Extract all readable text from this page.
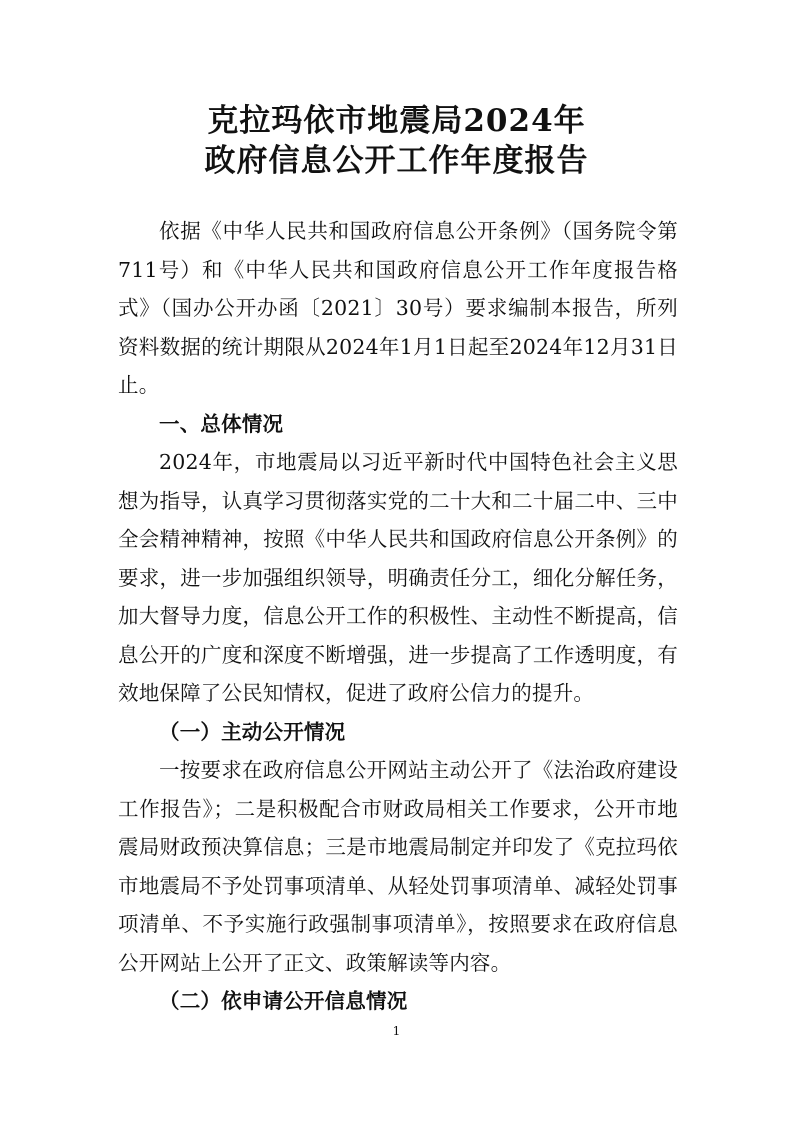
克拉玛依市地震局2024年
政府信息公开工作年度报告

依据《中华人民共和国政府信息公开条例》（国务院令第711号）和《中华人民共和国政府信息公开工作年度报告格式》（国办公开办函〔2021〕30号）要求编制本报告，所列资料数据的统计期限从2024年1月1日起至2024年12月31日止。

一、总体情况

2024年，市地震局以习近平新时代中国特色社会主义思想为指导，认真学习贯彻落实党的二十大和二十届二中、三中全会精神精神，按照《中华人民共和国政府信息公开条例》的要求，进一步加强组织领导，明确责任分工，细化分解任务，加大督导力度，信息公开工作的积极性、主动性不断提高，信息公开的广度和深度不断增强，进一步提高了工作透明度，有效地保障了公民知情权，促进了政府公信力的提升。

（一）主动公开情况

一按要求在政府信息公开网站主动公开了《法治政府建设工作报告》；二是积极配合市财政局相关工作要求，公开市地震局财政预决算信息；三是市地震局制定并印发了《克拉玛依市地震局不予处罚事项清单、从轻处罚事项清单、减轻处罚事项清单、不予实施行政强制事项清单》，按照要求在政府信息公开网站上公开了正文、政策解读等内容。

（二）依申请公开信息情况
1
